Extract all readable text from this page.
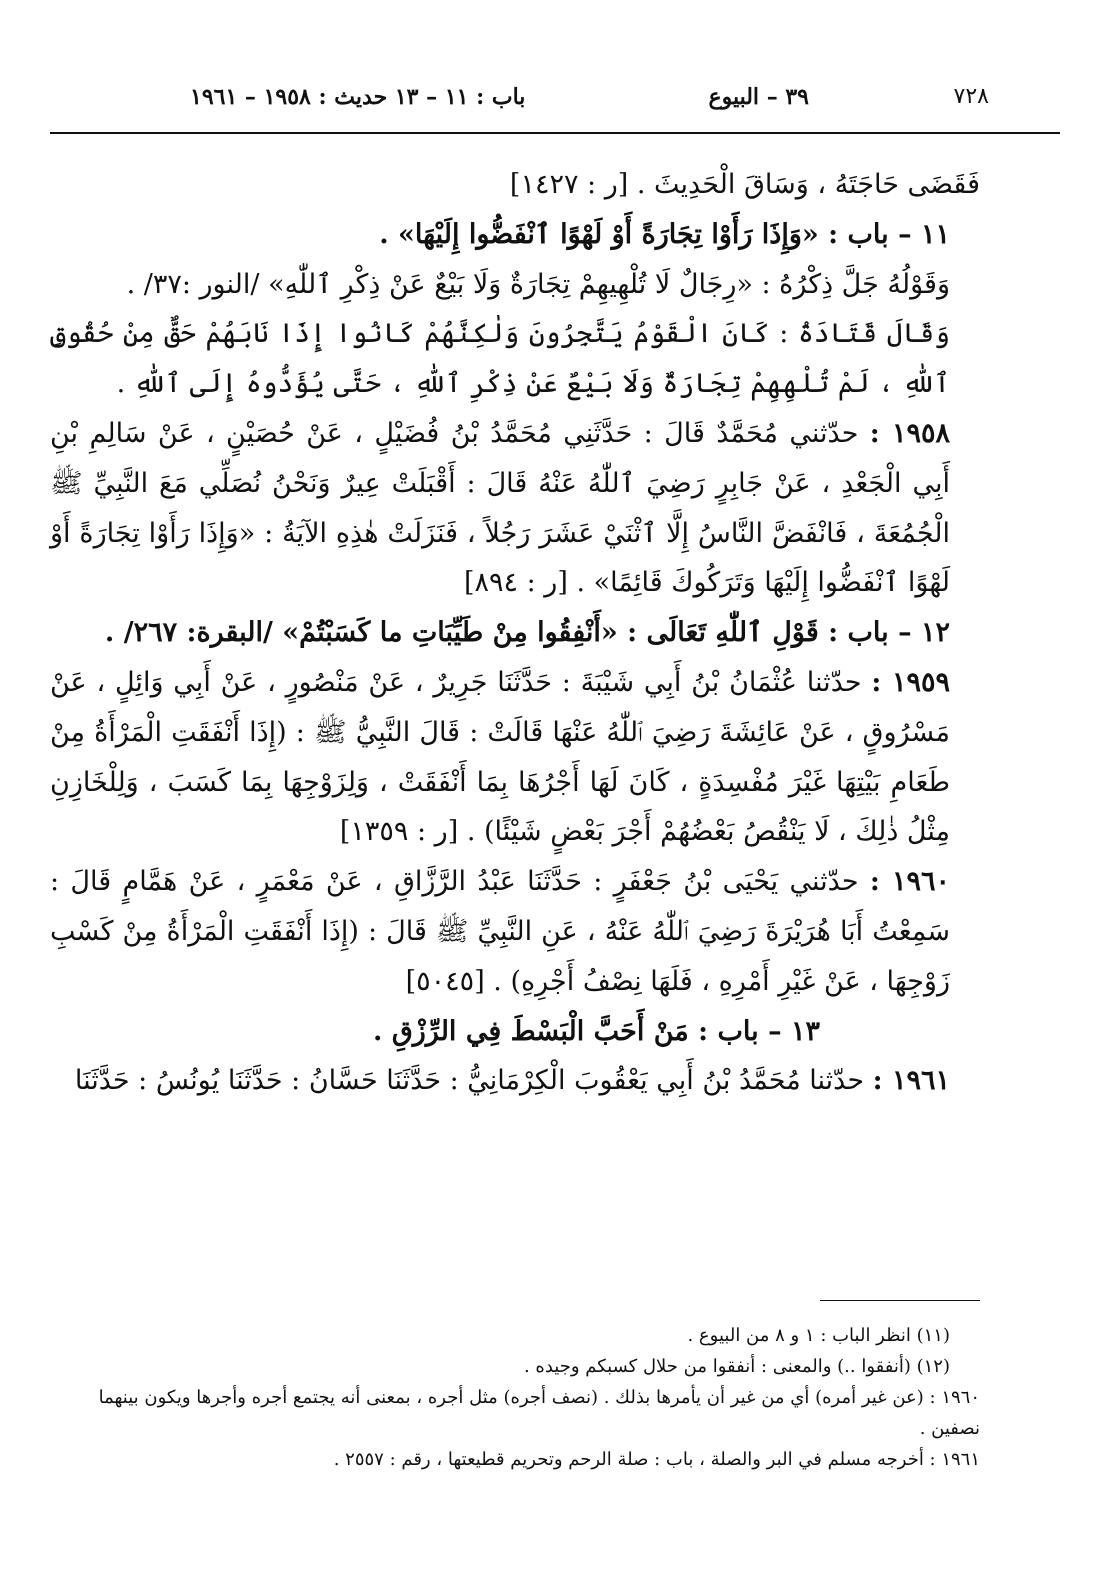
٧٢٨
٣٩ – البيوع
باب : ١١ – ١٣ حديث : ١٩٥٨ – ١٩٦١

فَقَضَى حَاجَتَهُ ، وَسَاقَ الْحَدِيثَ . [ر : ١٤٢٧]

١١ – باب : «وَإِذَا رَأَوْا تِجَارَةً أَوْ لَهْوًا ٱنْفَضُّوا إِلَيْهَا» .

وَقَوْلُهُ جَلَّ ذِكْرُهُ : «رِجَالٌ لَا تُلْهِيهِمْ تِجَارَةٌ وَلَا بَيْعٌ عَنْ ذِكْرِ ٱللّٰهِ» /النور :٣٧/ .

وَقَالَ قَتَادَةُ : كَانَ الْقَوْمُ يَتَّجِرُونَ وَلٰكِنَّهُمْ كَانُوا إِذَا نَابَهُمْ حَقٌّ مِنْ حُقُوقِ ٱللّٰهِ ، لَمْ تُلْهِهِمْ تِجَارَةٌ وَلَا بَيْعٌ عَنْ ذِكْرِ ٱللّٰهِ ، حَتَّى يُؤَدُّوهُ إِلَى ٱللّٰهِ .

١٩٥٨ : حدّثني مُحَمَّدٌ قَالَ : حَدَّثَنِي مُحَمَّدُ بْنُ فُضَيْلٍ ، عَنْ حُصَيْنٍ ، عَنْ سَالِمِ بْنِ أَبِي الْجَعْدِ ، عَنْ جَابِرٍ رَضِيَ ٱللّٰهُ عَنْهُ قَالَ : أَقْبَلَتْ عِيرٌ وَنَحْنُ نُصَلِّي مَعَ النَّبِيِّ ﷺ الْجُمُعَةَ ، فَانْفَضَّ النَّاسُ إِلَّا ٱثْنَيْ عَشَرَ رَجُلاً ، فَنَزَلَتْ هٰذِهِ الآيَةُ : «وَإِذَا رَأَوْا تِجَارَةً أَوْ لَهْوًا ٱنْفَضُّوا إِلَيْهَا وَتَرَكُوكَ قَائِمًا» . [ر : ٨٩٤]

١٢ – باب : قَوْلِ ٱللّٰهِ تَعَالَى : «أَنْفِقُوا مِنْ طَيِّبَاتِ ما كَسَبْتُمْ» /البقرة: ٢٦٧/ .

١٩٥٩ : حدّثنا عُثْمَانُ بْنُ أَبِي شَيْبَةَ : حَدَّثَنَا جَرِيرٌ ، عَنْ مَنْصُورٍ ، عَنْ أَبِي وَائِلٍ ، عَنْ مَسْرُوقٍ ، عَنْ عَائِشَةَ رَضِيَ ٱللّٰهُ عَنْهَا قَالَتْ : قَالَ النَّبِيُّ ﷺ : (إِذَا أَنْفَقَتِ الْمَرْأَةُ مِنْ طَعَامِ بَيْتِهَا غَيْرَ مُفْسِدَةٍ ، كَانَ لَهَا أَجْرُهَا بِمَا أَنْفَقَتْ ، وَلِزَوْجِهَا بِمَا كَسَبَ ، وَلِلْخَازِنِ مِثْلُ ذٰلِكَ ، لَا يَنْقُصُ بَعْضُهُمْ أَجْرَ بَعْضٍ شَيْئًا) . [ر : ١٣٥٩]

١٩٦٠ : حدّثني يَحْيَى بْنُ جَعْفَرٍ : حَدَّثَنَا عَبْدُ الرَّزَّاقِ ، عَنْ مَعْمَرٍ ، عَنْ هَمَّامٍ قَالَ : سَمِعْتُ أَبَا هُرَيْرَةَ رَضِيَ ٱللّٰهُ عَنْهُ ، عَنِ النَّبِيِّ ﷺ قَالَ : (إِذَا أَنْفَقَتِ الْمَرْأَةُ مِنْ كَسْبِ زَوْجِهَا ، عَنْ غَيْرِ أَمْرِهِ ، فَلَهَا نِصْفُ أَجْرِهِ) . [٥٠٤٥]

١٣ – باب : مَنْ أَحَبَّ الْبَسْطَ فِي الرِّزْقِ .

١٩٦١ : حدّثنا مُحَمَّدُ بْنُ أَبِي يَعْقُوبَ الْكِرْمَانِيُّ : حَدَّثَنَا حَسَّانُ : حَدَّثَنَا يُونُسُ : حَدَّثَنَا

(١١) انظر الباب : ١ و ٨ من البيوع .

(١٢) (أنفقوا ..) والمعنى : أنفقوا من حلال كسبكم وجيده .

١٩٦٠ : (عن غير أمره) أي من غير أن يأمرها بذلك . (نصف أجره) مثل أجره ، بمعنى أنه يجتمع أجره وأجرها ويكون بينهما نصفين .

١٩٦١ : أخرجه مسلم في البر والصلة ، باب : صلة الرحم وتحريم قطيعتها ، رقم : ٢٥٥٧ .
